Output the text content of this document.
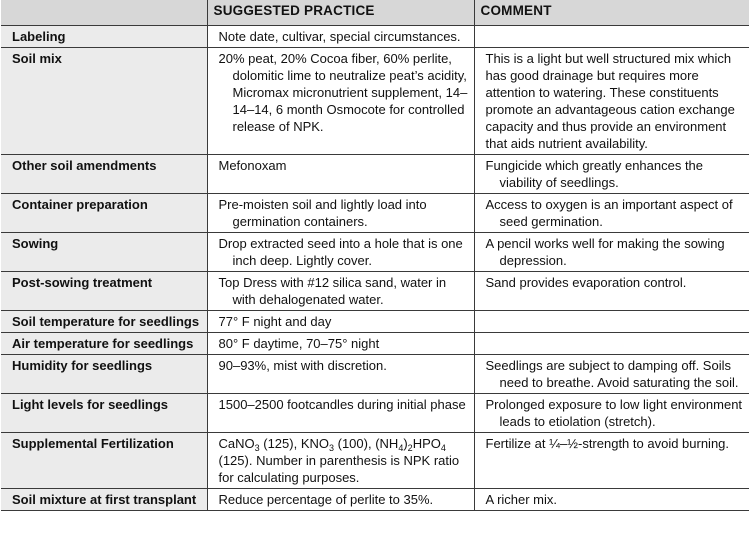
	SUGGESTED PRACTICE	COMMENT
Labeling	Note date, cultivar, special circumstances.	
Soil mix	20% peat, 20% Cocoa fiber, 60% perlite, dolomitic lime to neutralize peat’s acidity, Micromax micronutrient supplement, 14–14–14, 6 month Osmocote for controlled release of NPK.	This is a light but well structured mix which has good drainage but requires more attention to watering. These constituents promote an advantageous cation exchange capacity and thus provide an environment that aids nutrient availability.
Other soil amendments	Mefonoxam	Fungicide which greatly enhances the viability of seedlings.

Container preparation	Pre-moisten soil and lightly load into germination containers.	Access to oxygen is an important aspect of seed germination.

Sowing	Drop extracted seed into a hole that is one inch deep. Lightly cover.	A pencil works well for making the sowing depression.

Post-sowing treatment	Top Dress with #12 silica sand, water in with dehalogenated water.	Sand provides evaporation control.
Soil temperature for seedlings	77° F night and day	
Air temperature for seedlings	80° F daytime, 70–75° night	
Humidity for seedlings	90–93%, mist with discretion.	Seedlings are subject to damping off. Soils need to breathe. Avoid saturating the soil.

Light levels for seedlings	1500–2500 footcandles during initial phase	Prolonged exposure to low light environment leads to etiolation (stretch).

Supplemental Fertilization	CaNO$_3$ (125), $KNO_3$ (100), $(NH_4)_2HPO_4$ (125). Number in parenthesis is NPK ratio for calculating purposes.	Fertilize at ¼–½-strength to avoid burning.
Soil mixture at first transplant	Reduce percentage of perlite to 35%.	A richer mix.
